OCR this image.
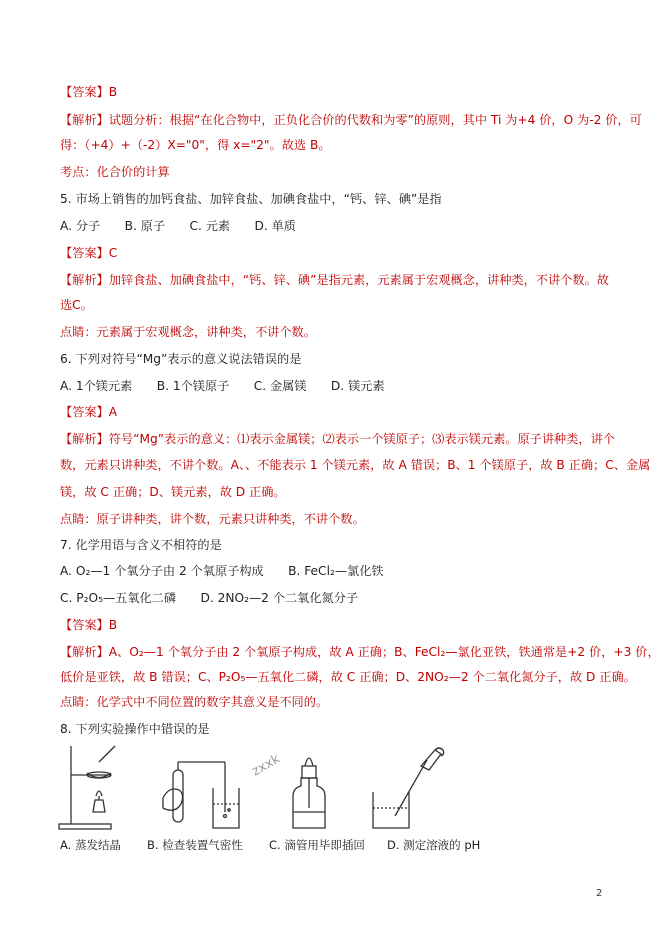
【答案】B
【解析】试题分析：根据“在化合物中，正负化合价的代数和为零”的原则，其中 Ti 为+4 价，O 为-2 价，可
得：（+4）+（-2）X="0"，得 x="2"。故选 B。
考点：化合价的计算
5. 市场上销售的加钙食盐、加锌食盐、加碘食盐中，“钙、锌、碘”是指
A. 分子　　B. 原子　　C. 元素　　D. 单质
【答案】C
【解析】加锌食盐、加碘食盐中，“钙、锌、碘”是指元素，元素属于宏观概念，讲种类，不讲个数。故
选C。
点睛：元素属于宏观概念，讲种类，不讲个数。
6. 下列对符号“Mg”表示的意义说法错误的是
A. 1个镁元素　　B. 1个镁原子　　C. 金属镁　　D. 镁元素
【答案】A
【解析】符号“Mg”表示的意义：⑴表示金属镁；⑵表示一个镁原子；⑶表示镁元素。原子讲种类，讲个
数，元素只讲种类，不讲个数。A、、不能表示 1 个镁元素，故 A 错误；B、1 个镁原子，故 B 正确；C、金属
镁，故 C 正确；D、镁元素，故 D 正确。
点睛：原子讲种类，讲个数，元素只讲种类，不讲个数。
7. 化学用语与含义不相符的是
A. O₂—1 个氧分子由 2 个氧原子构成　　B. FeCl₂—氯化铁
C. P₂O₅—五氧化二磷　　D. 2NO₂—2 个二氧化氮分子
【答案】B
【解析】A、O₂—1 个氧分子由 2 个氧原子构成，故 A 正确；B、FeCl₂—氯化亚铁，铁通常是+2 价，+3 价，
低价是亚铁，故 B 错误；C、P₂O₅—五氧化二磷，故 C 正确；D、2NO₂—2 个二氧化氮分子，故 D 正确。
点睛：化学式中不同位置的数字其意义是不同的。
8. 下列实验操作中错误的是
zxxk
A. 蒸发结晶 B. 检查装置气密性 C. 滴管用毕即插回 D. 测定溶液的 pH
2
